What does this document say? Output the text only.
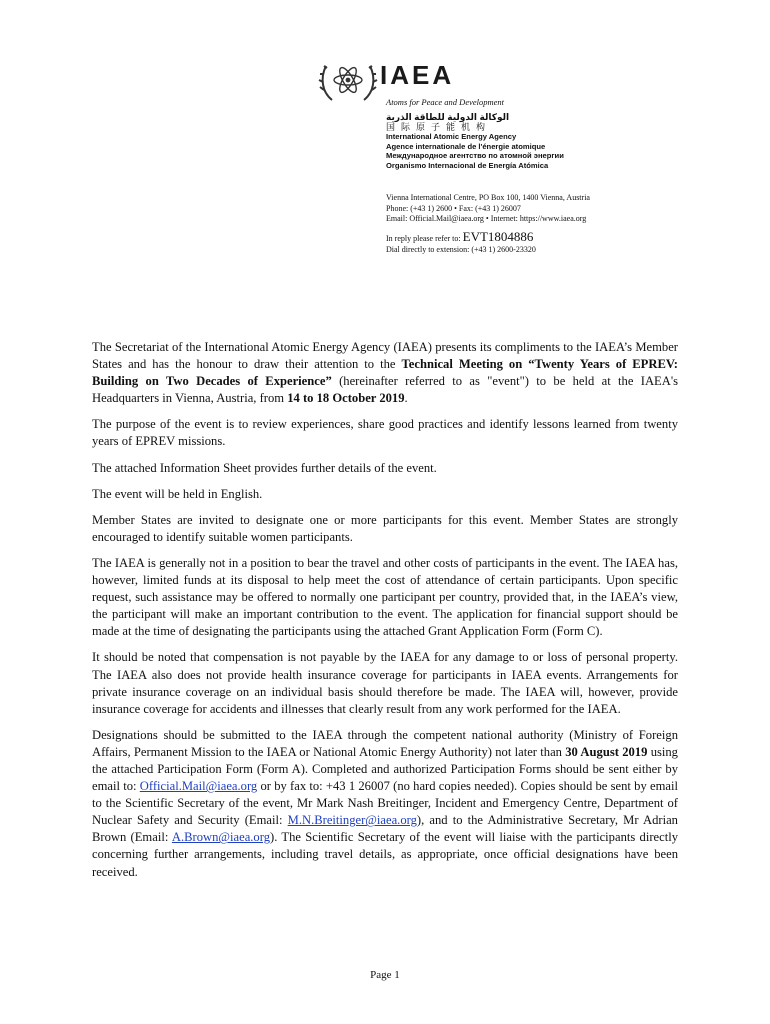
IAEA
Atoms for Peace and Development
الوكالة الدولية للطاقة الذرية
国际原子能机构
International Atomic Energy Agency
Agence internationale de l'énergie atomique
Международное агентство по атомной энергии
Organismo Internacional de Energía Atómica
Vienna International Centre, PO Box 100, 1400 Vienna, Austria
Phone: (+43 1) 2600 • Fax: (+43 1) 26007
Email: Official.Mail@iaea.org • Internet: https://www.iaea.org
In reply please refer to: EVT1804886
Dial directly to extension: (+43 1) 2600-23320

The Secretariat of the International Atomic Energy Agency (IAEA) presents its compliments to the IAEA’s Member States and has the honour to draw their attention to the Technical Meeting on “Twenty Years of EPREV: Building on Two Decades of Experience” (hereinafter referred to as "event") to be held at the IAEA's Headquarters in Vienna, Austria, from 14 to 18 October 2019.

The purpose of the event is to review experiences, share good practices and identify lessons learned from twenty years of EPREV missions.

The attached Information Sheet provides further details of the event.

The event will be held in English.

Member States are invited to designate one or more participants for this event. Member States are strongly encouraged to identify suitable women participants.

The IAEA is generally not in a position to bear the travel and other costs of participants in the event. The IAEA has, however, limited funds at its disposal to help meet the cost of attendance of certain participants. Upon specific request, such assistance may be offered to normally one participant per country, provided that, in the IAEA’s view, the participant will make an important contribution to the event. The application for financial support should be made at the time of designating the participants using the attached Grant Application Form (Form C).

It should be noted that compensation is not payable by the IAEA for any damage to or loss of personal property. The IAEA also does not provide health insurance coverage for participants in IAEA events. Arrangements for private insurance coverage on an individual basis should therefore be made. The IAEA will, however, provide insurance coverage for accidents and illnesses that clearly result from any work performed for the IAEA.

Designations should be submitted to the IAEA through the competent national authority (Ministry of Foreign Affairs, Permanent Mission to the IAEA or National Atomic Energy Authority) not later than 30 August 2019 using the attached Participation Form (Form A). Completed and authorized Participation Forms should be sent either by email to: Official.Mail@iaea.org or by fax to: +43 1 26007 (no hard copies needed). Copies should be sent by email to the Scientific Secretary of the event, Mr Mark Nash Breitinger, Incident and Emergency Centre, Department of Nuclear Safety and Security (Email: M.N.Breitinger@iaea.org), and to the Administrative Secretary, Mr Adrian Brown (Email: A.Brown@iaea.org). The Scientific Secretary of the event will liaise with the participants directly concerning further arrangements, including travel details, as appropriate, once official designations have been received.

Page 1
